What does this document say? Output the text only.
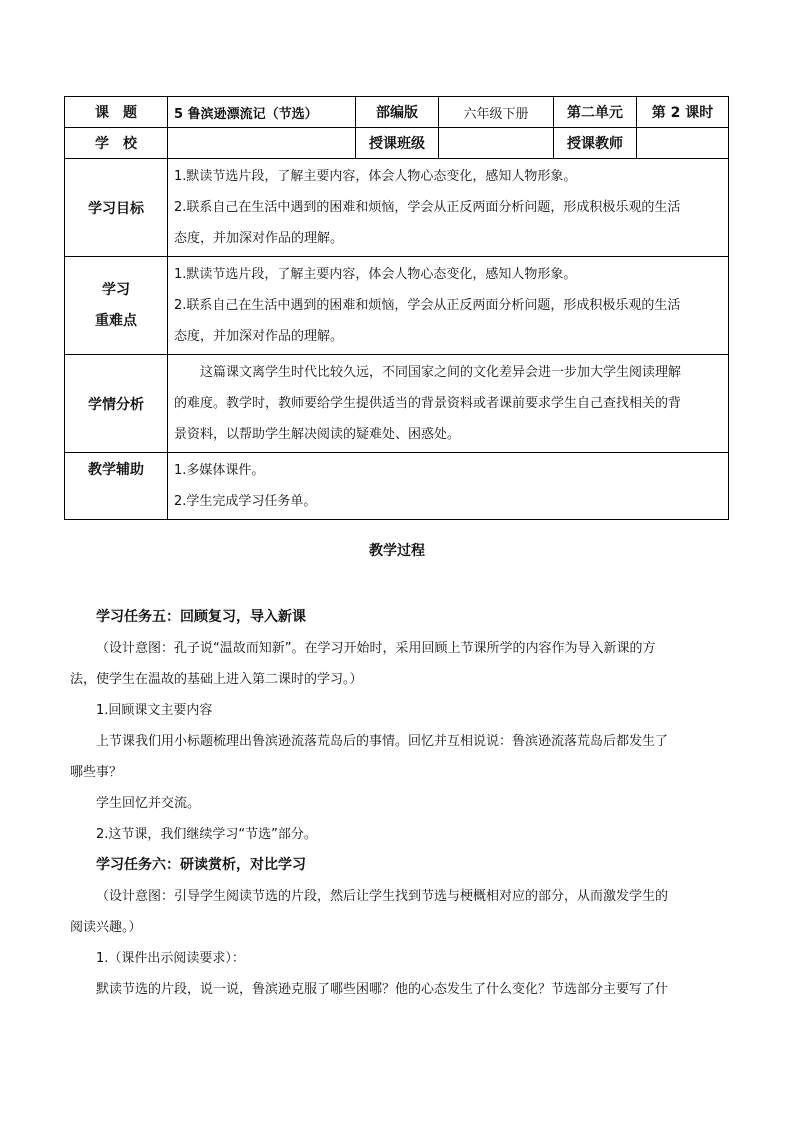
课　题	5 鲁滨逊漂流记（节选）	部编版	六年级下册	第二单元	第 2 课时
学　校		授课班级		授课教师	
学习目标	1.默读节选片段，了解主要内容，体会人物心态变化，感知人物形象。
2.联系自己在生活中遇到的困难和烦恼，学会从正反两面分析问题，形成积极乐观的生活
态度，并加深对作品的理解。				

学习
重难点	1.默读节选片段，了解主要内容，体会人物心态变化，感知人物形象。
2.联系自己在生活中遇到的困难和烦恼，学会从正反两面分析问题，形成积极乐观的生活
态度，并加深对作品的理解。				

学情分析	这篇课文离学生时代比较久远，不同国家之间的文化差异会进一步加大学生阅读理解
的难度。教学时，教师要给学生提供适当的背景资料或者课前要求学生自己查找相关的背
景资料，以帮助学生解决阅读的疑难处、困惑处。				

教学辅助	1.多媒体课件。
2.学生完成学习任务单。				
教学过程

学习任务五：回顾复习，导入新课

（设计意图：孔子说“温故而知新”。在学习开始时，采用回顾上节课所学的内容作为导入新课的方

法，使学生在温故的基础上进入第二课时的学习。）

1.回顾课文主要内容

上节课我们用小标题梳理出鲁滨逊流落荒岛后的事情。回忆并互相说说：鲁滨逊流落荒岛后都发生了

哪些事？

学生回忆并交流。

2.这节课，我们继续学习“节选”部分。

学习任务六：研读赏析，对比学习

（设计意图：引导学生阅读节选的片段，然后让学生找到节选与梗概相对应的部分，从而激发学生的

阅读兴趣。）

1.（课件出示阅读要求）：

默读节选的片段，说一说，鲁滨逊克服了哪些困哪？他的心态发生了什么变化？节选部分主要写了什
